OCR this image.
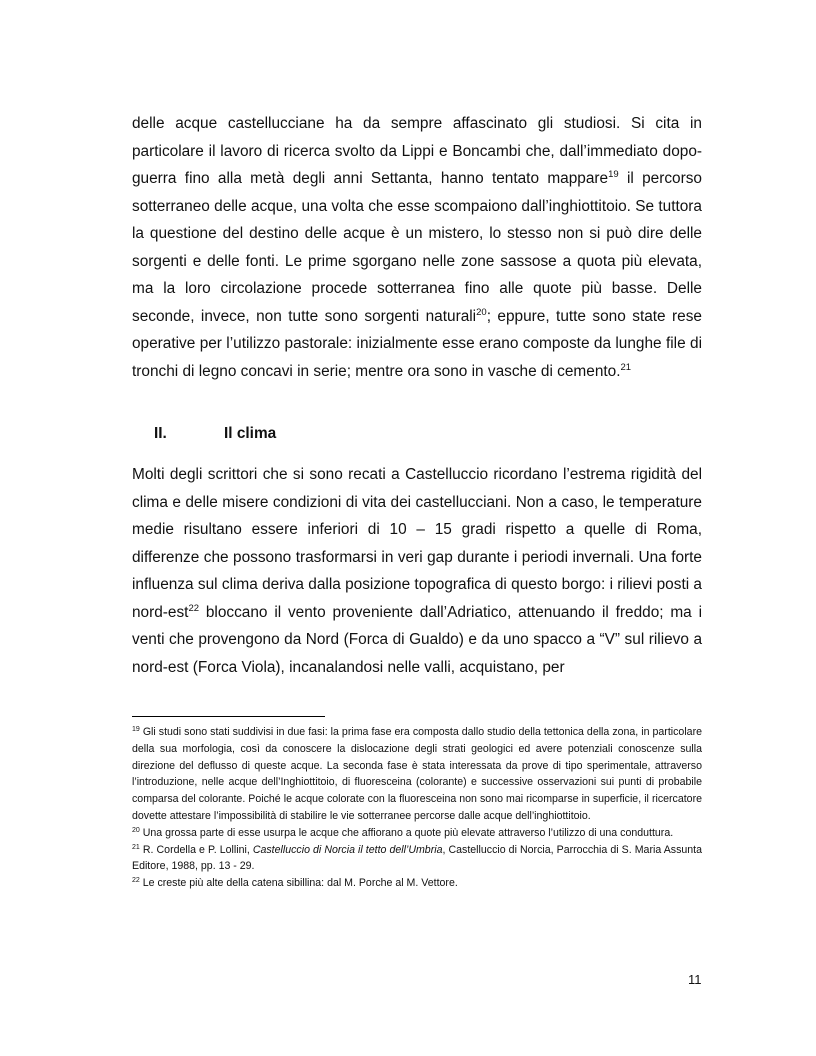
delle acque castellucciane ha da sempre affascinato gli studiosi. Si cita in particolare il lavoro di ricerca svolto da Lippi e Boncambi che, dall’immediato dopo-guerra fino alla metà degli anni Settanta, hanno tentato mappare$^{19}$ il percorso sotterraneo delle acque, una volta che esse scompaiono dall’inghiottitoio. Se tuttora la questione del destino delle acque è un mistero, lo stesso non si può dire delle sorgenti e delle fonti. Le prime sgorgano nelle zone sassose a quota più elevata, ma la loro circolazione procede sotterranea fino alle quote più basse. Delle seconde, invece, non tutte sono sorgenti naturali$^{20}$; eppure, tutte sono state rese operative per l’utilizzo pastorale: inizialmente esse erano composte da lunghe file di tronchi di legno concavi in serie; mentre ora sono in vasche di cemento.$^{21}$

II.	Il clima

Molti degli scrittori che si sono recati a Castelluccio ricordano l’estrema rigidità del clima e delle misere condizioni di vita dei castellucciani. Non a caso, le temperature medie risultano essere inferiori di 10 – 15 gradi rispetto a quelle di Roma, differenze che possono trasformarsi in veri gap durante i periodi invernali. Una forte influenza sul clima deriva dalla posizione topografica di questo borgo: i rilievi posti a nord-est$^{22}$ bloccano il vento proveniente dall’Adriatico, attenuando il freddo; ma i venti che provengono da Nord (Forca di Gualdo) e da uno spacco a “V” sul rilievo a nord-est (Forca Viola), incanalandosi nelle valli, acquistano, per

$^{19}$ Gli studi sono stati suddivisi in due fasi: la prima fase era composta dallo studio della tettonica della zona, in particolare della sua morfologia, così da conoscere la dislocazione degli strati geologici ed avere potenziali conoscenze sulla direzione del deflusso di queste acque. La seconda fase è stata interessata da prove di tipo sperimentale, attraverso l’introduzione, nelle acque dell’Inghiottitoio, di fluoresceina (colorante) e successive osservazioni sui punti di probabile comparsa del colorante. Poiché le acque colorate con la fluoresceina non sono mai ricomparse in superficie, il ricercatore dovette attestare l’impossibilità di stabilire le vie sotterranee percorse dalle acque dell’inghiottitoio.

$^{20}$ Una grossa parte di esse usurpa le acque che affiorano a quote più elevate attraverso l’utilizzo di una conduttura.

$^{21}$ R. Cordella e P. Lollini, Castelluccio di Norcia il tetto dell’Umbria, Castelluccio di Norcia, Parrocchia di S. Maria Assunta Editore, 1988, pp. 13 - 29.

$^{22}$ Le creste più alte della catena sibillina: dal M. Porche al M. Vettore.

11
